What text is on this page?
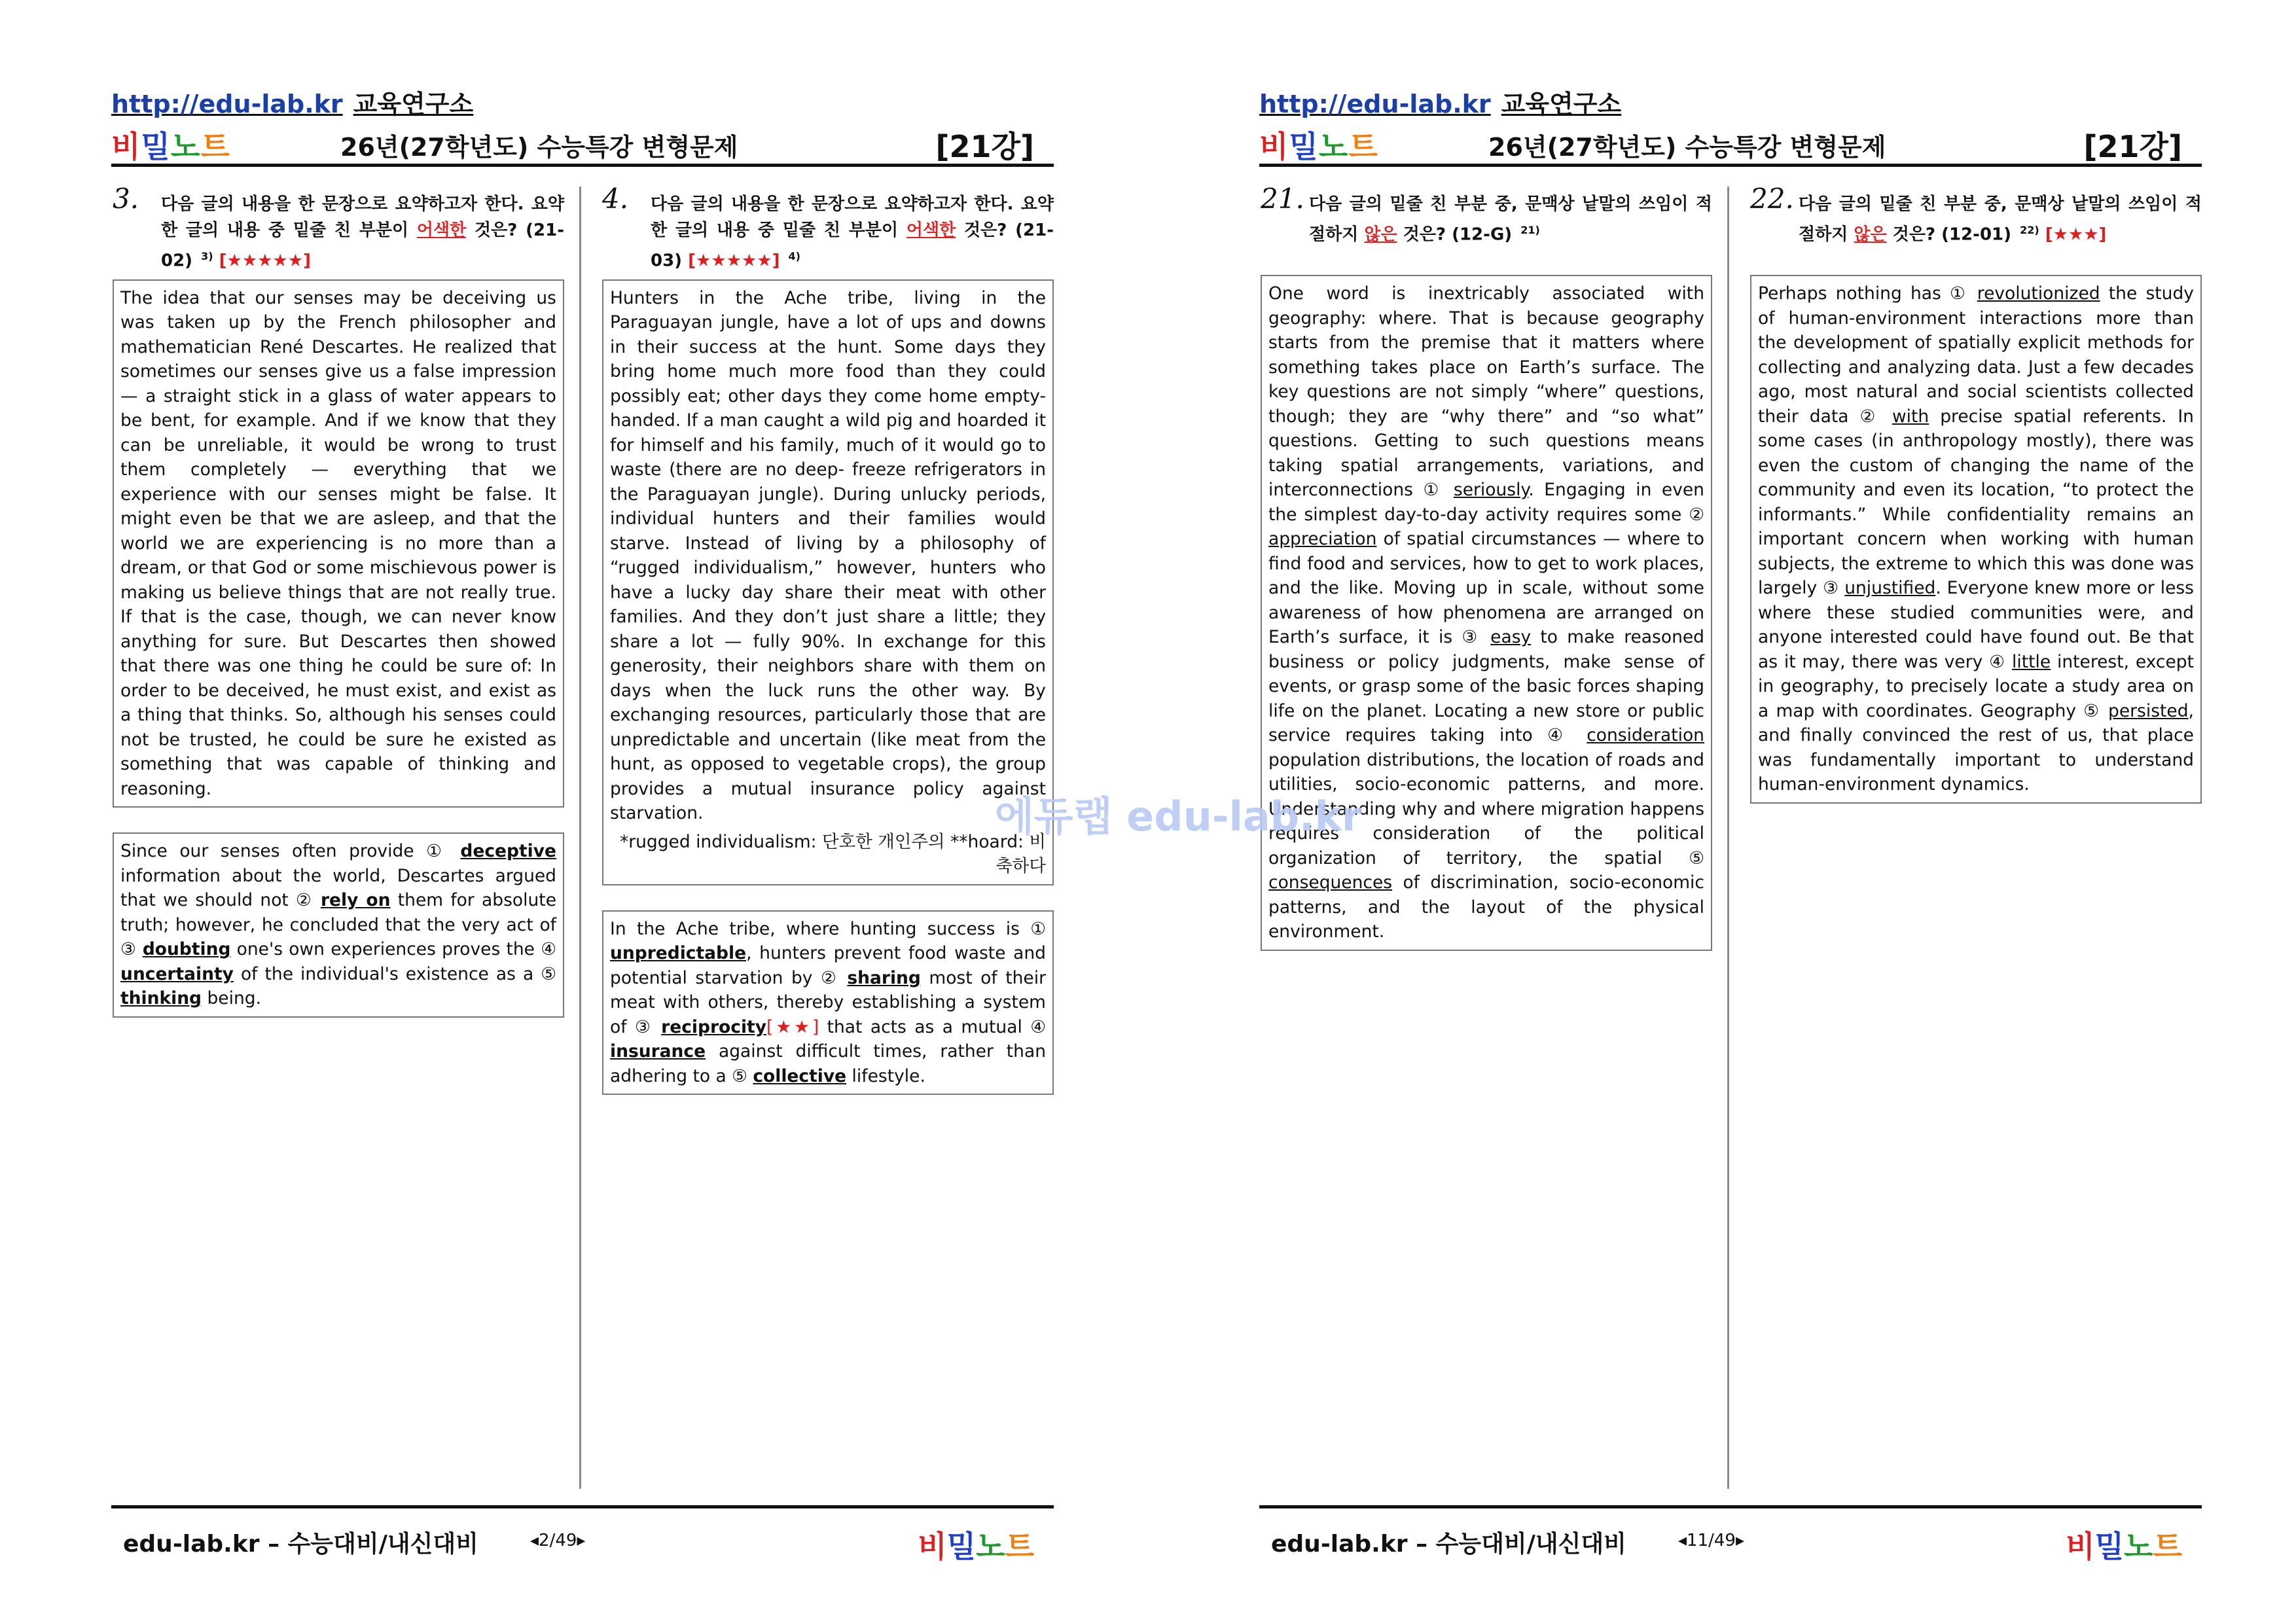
http://edu-lab.kr 교육연구소
비밀노트	26년(27학년도) 수능특강 변형문제	[21강]
3. 다음 글의 내용을 한 문장으로 요약하고자 한다. 요약한 글의 내용 중 밑줄 친 부분이 어색한 것은? (21-02) $^{3)}$ [★★★★★]
The idea that our senses may be deceiving us was taken up by the French philosopher and mathematician René Descartes. He realized that sometimes our senses give us a false impression — a straight stick in a glass of water appears to be bent, for example. And if we know that they can be unreliable, it would be wrong to trust them completely — everything that we experience with our senses might be false. It might even be that we are asleep, and that the world we are experiencing is no more than a dream, or that God or some mischievous power is making us believe things that are not really true. If that is the case, though, we can never know anything for sure. But Descartes then showed that there was one thing he could be sure of: In order to be deceived, he must exist, and exist as a thing that thinks. So, although his senses could not be trusted, he could be sure he existed as something that was capable of thinking and reasoning.
Since our senses often provide ① deceptive information about the world, Descartes argued that we should not ② rely on them for absolute truth; however, he concluded that the very act of ③ doubting one's own experiences proves the ④ uncertainty of the individual's existence as a ⑤ thinking being.
4. 다음 글의 내용을 한 문장으로 요약하고자 한다. 요약한 글의 내용 중 밑줄 친 부분이 어색한 것은? (21-03) [★★★★★] $^{4)}$
Hunters in the Ache tribe, living in the Paraguayan jungle, have a lot of ups and downs in their success at the hunt. Some days they bring home much more food than they could possibly eat; other days they come home empty-handed. If a man caught a wild pig and hoarded it for himself and his family, much of it would go to waste (there are no deep- freeze refrigerators in the Paraguayan jungle). During unlucky periods, individual hunters and their families would starve. Instead of living by a philosophy of “rugged individualism,” however, hunters who have a lucky day share their meat with other families. And they don’t just share a little; they share a lot — fully 90%. In exchange for this generosity, their neighbors share with them on days when the luck runs the other way. By exchanging resources, particularly those that are unpredictable and uncertain (like meat from the hunt, as opposed to vegetable crops), the group provides a mutual insurance policy against starvation.
*rugged individualism: 단호한 개인주의 **hoard: 비축하다
In the Ache tribe, where hunting success is ① unpredictable, hunters prevent food waste and potential starvation by ② sharing most of their meat with others, thereby establishing a system of ③ reciprocity[★★] that acts as a mutual ④ insurance against difficult times, rather than adhering to a ⑤ collective lifestyle.
edu-lab.kr – 수능대비/내신대비	◂2/49▸	비밀노트
http://edu-lab.kr 교육연구소
비밀노트	26년(27학년도) 수능특강 변형문제	[21강]
21. 다음 글의 밑줄 친 부분 중, 문맥상 낱말의 쓰임이 적절하지 않은 것은? (12-G) $^{21)}$
One word is inextricably associated with geography: where. That is because geography starts from the premise that it matters where something takes place on Earth’s surface. The key questions are not simply “where” questions, though; they are “why there” and “so what” questions. Getting to such questions means taking spatial arrangements, variations, and interconnections ① seriously. Engaging in even the simplest day-to-day activity requires some ② appreciation of spatial circumstances — where to find food and services, how to get to work places, and the like. Moving up in scale, without some awareness of how phenomena are arranged on Earth’s surface, it is ③ easy to make reasoned business or policy judgments, make sense of events, or grasp some of the basic forces shaping life on the planet. Locating a new store or public service requires taking into ④ consideration population distributions, the location of roads and utilities, socio-economic patterns, and more. Understanding why and where migration happens requires consideration of the political organization of territory, the spatial ⑤ consequences of discrimination, socio-economic patterns, and the layout of the physical environment.
22. 다음 글의 밑줄 친 부분 중, 문맥상 낱말의 쓰임이 적절하지 않은 것은? (12-01) $^{22)}$ [★★★]
Perhaps nothing has ① revolutionized the study of human-environment interactions more than the development of spatially explicit methods for collecting and analyzing data. Just a few decades ago, most natural and social scientists collected their data ② with precise spatial referents. In some cases (in anthropology mostly), there was even the custom of changing the name of the community and even its location, “to protect the informants.” While confidentiality remains an important concern when working with human subjects, the extreme to which this was done was largely ③ unjustified. Everyone knew more or less where these studied communities were, and anyone interested could have found out. Be that as it may, there was very ④ little interest, except in geography, to precisely locate a study area on a map with coordinates. Geography ⑤ persisted, and finally convinced the rest of us, that place was fundamentally important to understand human-environment dynamics.
edu-lab.kr – 수능대비/내신대비	◂11/49▸	비밀노트
에듀랩 edu-lab.kr
